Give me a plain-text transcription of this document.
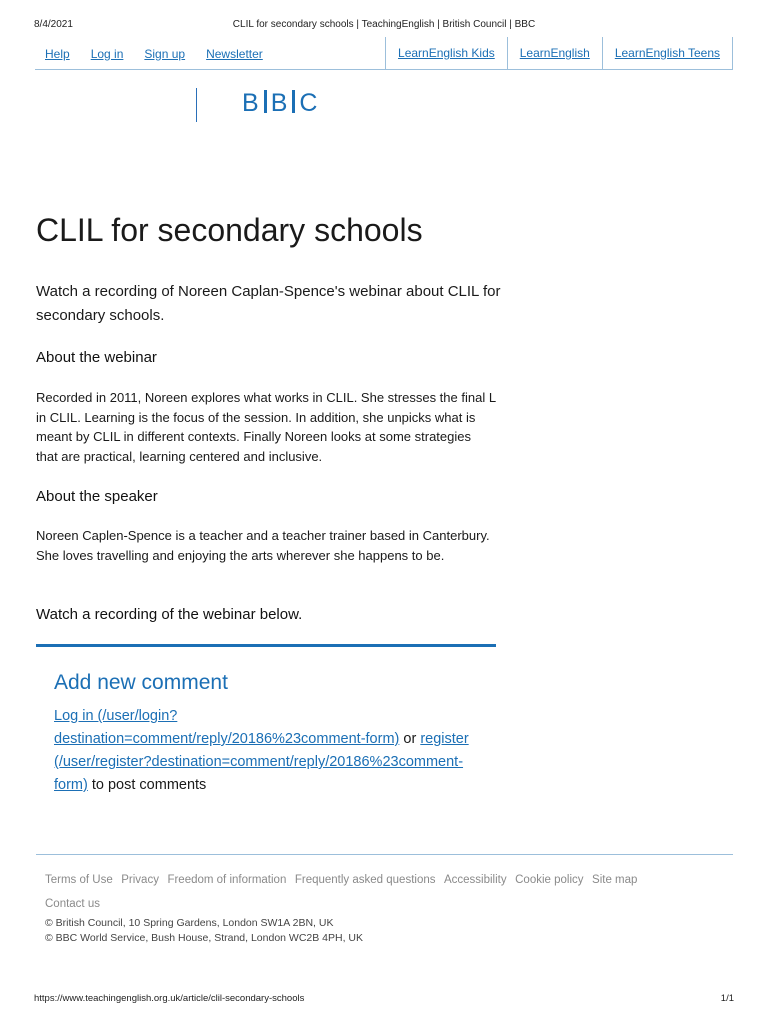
8/4/2021	CLIL for secondary schools | TeachingEnglish | British Council | BBC
Help Log in Sign up Newsletter	LearnEnglish Kids	LearnEnglish	LearnEnglish Teens
B B C
CLIL for secondary schools

Watch a recording of Noreen Caplan-Spence's webinar about CLIL for secondary schools.

About the webinar

Recorded in 2011, Noreen explores what works in CLIL. She stresses the final L in CLIL. Learning is the focus of the session. In addition, she unpicks what is meant by CLIL in different contexts. Finally Noreen looks at some strategies that are practical, learning centered and inclusive.

About the speaker

Noreen Caplen-Spence is a teacher and a teacher trainer based in Canterbury. She loves travelling and enjoying the arts wherever she happens to be.

Watch a recording of the webinar below.

Add new comment

Log in (/user/login?destination=comment/reply/20186%23comment-form) or register (/user/register?destination=comment/reply/20186%23comment-form) to post comments

Terms of Use Privacy Freedom of information Frequently asked questions Accessibility Cookie policy Site map
Contact us
© British Council, 10 Spring Gardens, London SW1A 2BN, UK
© BBC World Service, Bush House, Strand, London WC2B 4PH, UK
https://www.teachingenglish.org.uk/article/clil-secondary-schools	1/1
